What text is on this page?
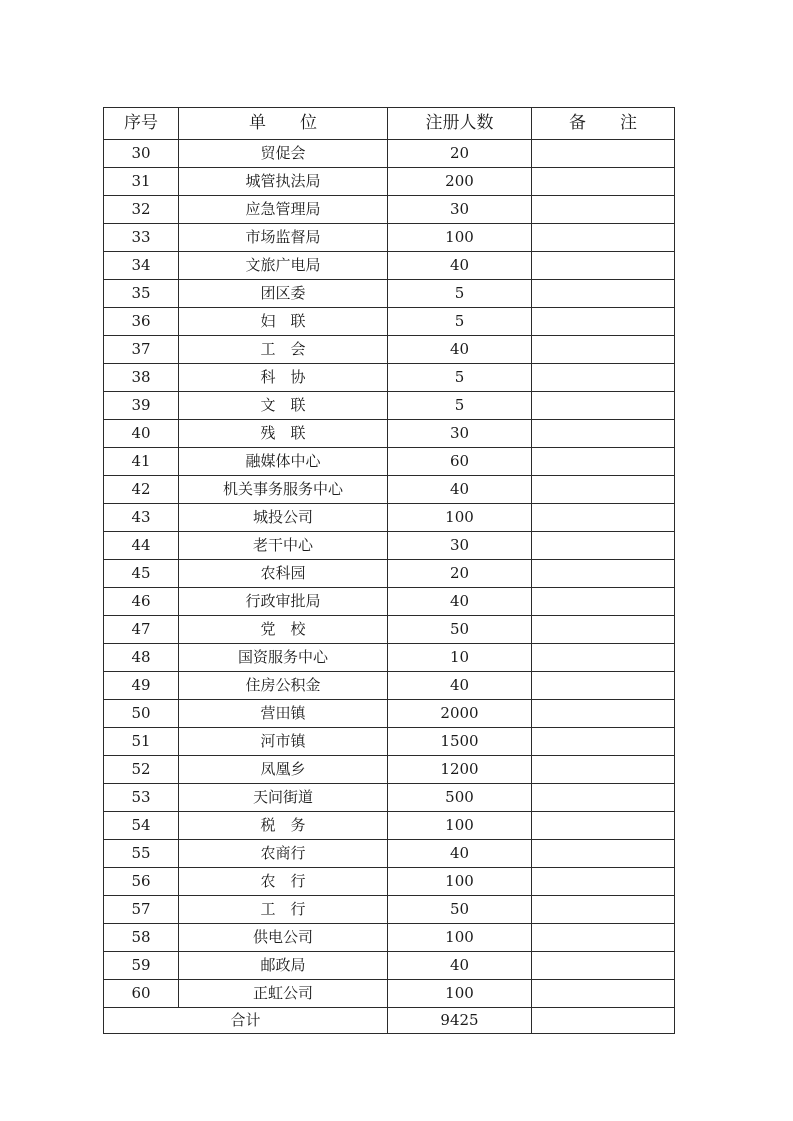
序号	单　　位	注册人数	备　　注
30	贸促会	20	
31	城管执法局	200	
32	应急管理局	30	
33	市场监督局	100	
34	文旅广电局	40	
35	团区委	5	
36	妇　联	5	
37	工　会	40	
38	科　协	5	
39	文　联	5	
40	残　联	30	
41	融媒体中心	60	
42	机关事务服务中心	40	
43	城投公司	100	
44	老干中心	30	
45	农科园	20	
46	行政审批局	40	
47	党　校	50	
48	国资服务中心	10	
49	住房公积金	40	
50	营田镇	2000	
51	河市镇	1500	
52	凤凰乡	1200	
53	天问街道	500	
54	税　务	100	
55	农商行	40	
56	农　行	100	
57	工　行	50	
58	供电公司	100	
59	邮政局	40	
60	正虹公司	100	
合计		9425	
